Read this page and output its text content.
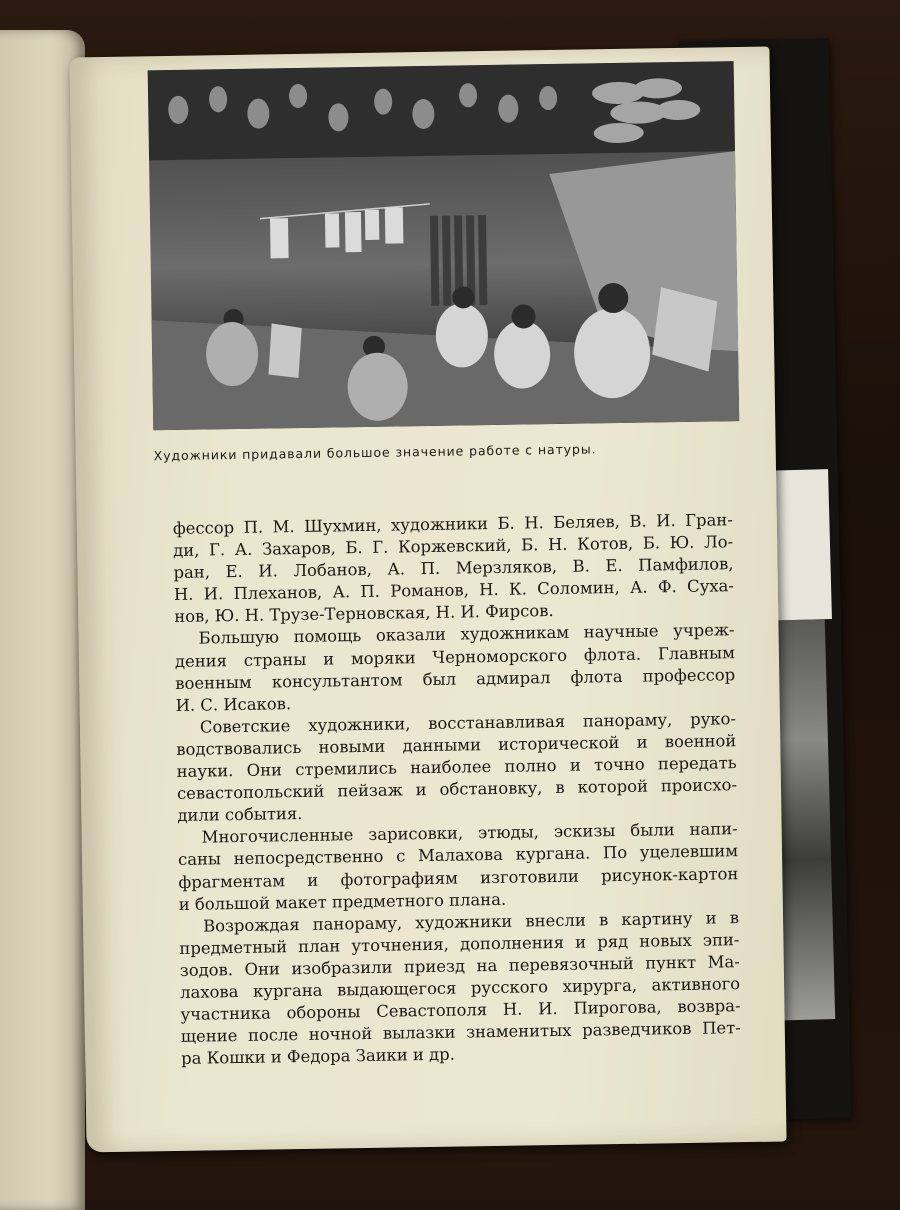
Художники придавали большое значение работе с натуры.

фессор П. М. Шухмин, художники Б. Н. Беляев, В. И. Гран-
ди, Г. А. Захаров, Б. Г. Коржевский, Б. Н. Котов, Б. Ю. Ло-
ран, Е. И. Лобанов, А. П. Мерзляков, В. Е. Памфилов,
Н. И. Плеханов, А. П. Романов, Н. К. Соломин, А. Ф. Суха-
нов, Ю. Н. Трузе-Терновская, Н. И. Фирсов.

Большую помощь оказали художникам научные учреж-
дения страны и моряки Черноморского флота. Главным
военным консультантом был адмирал флота профессор
И. С. Исаков.

Советские художники, восстанавливая панораму, руко-
водствовались новыми данными исторической и военной
науки. Они стремились наиболее полно и точно передать
севастопольский пейзаж и обстановку, в которой происхо-
дили события.

Многочисленные зарисовки, этюды, эскизы были напи-
саны непосредственно с Малахова кургана. По уцелевшим
фрагментам и фотографиям изготовили рисунок-картон
и большой макет предметного плана.

Возрождая панораму, художники внесли в картину и в
предметный план уточнения, дополнения и ряд новых эпи-
зодов. Они изобразили приезд на перевязочный пункт Ма-
лахова кургана выдающегося русского хирурга, активного
участника обороны Севастополя Н. И. Пирогова, возвра-
щение после ночной вылазки знаменитых разведчиков Пет-
ра Кошки и Федора Заики и др.
